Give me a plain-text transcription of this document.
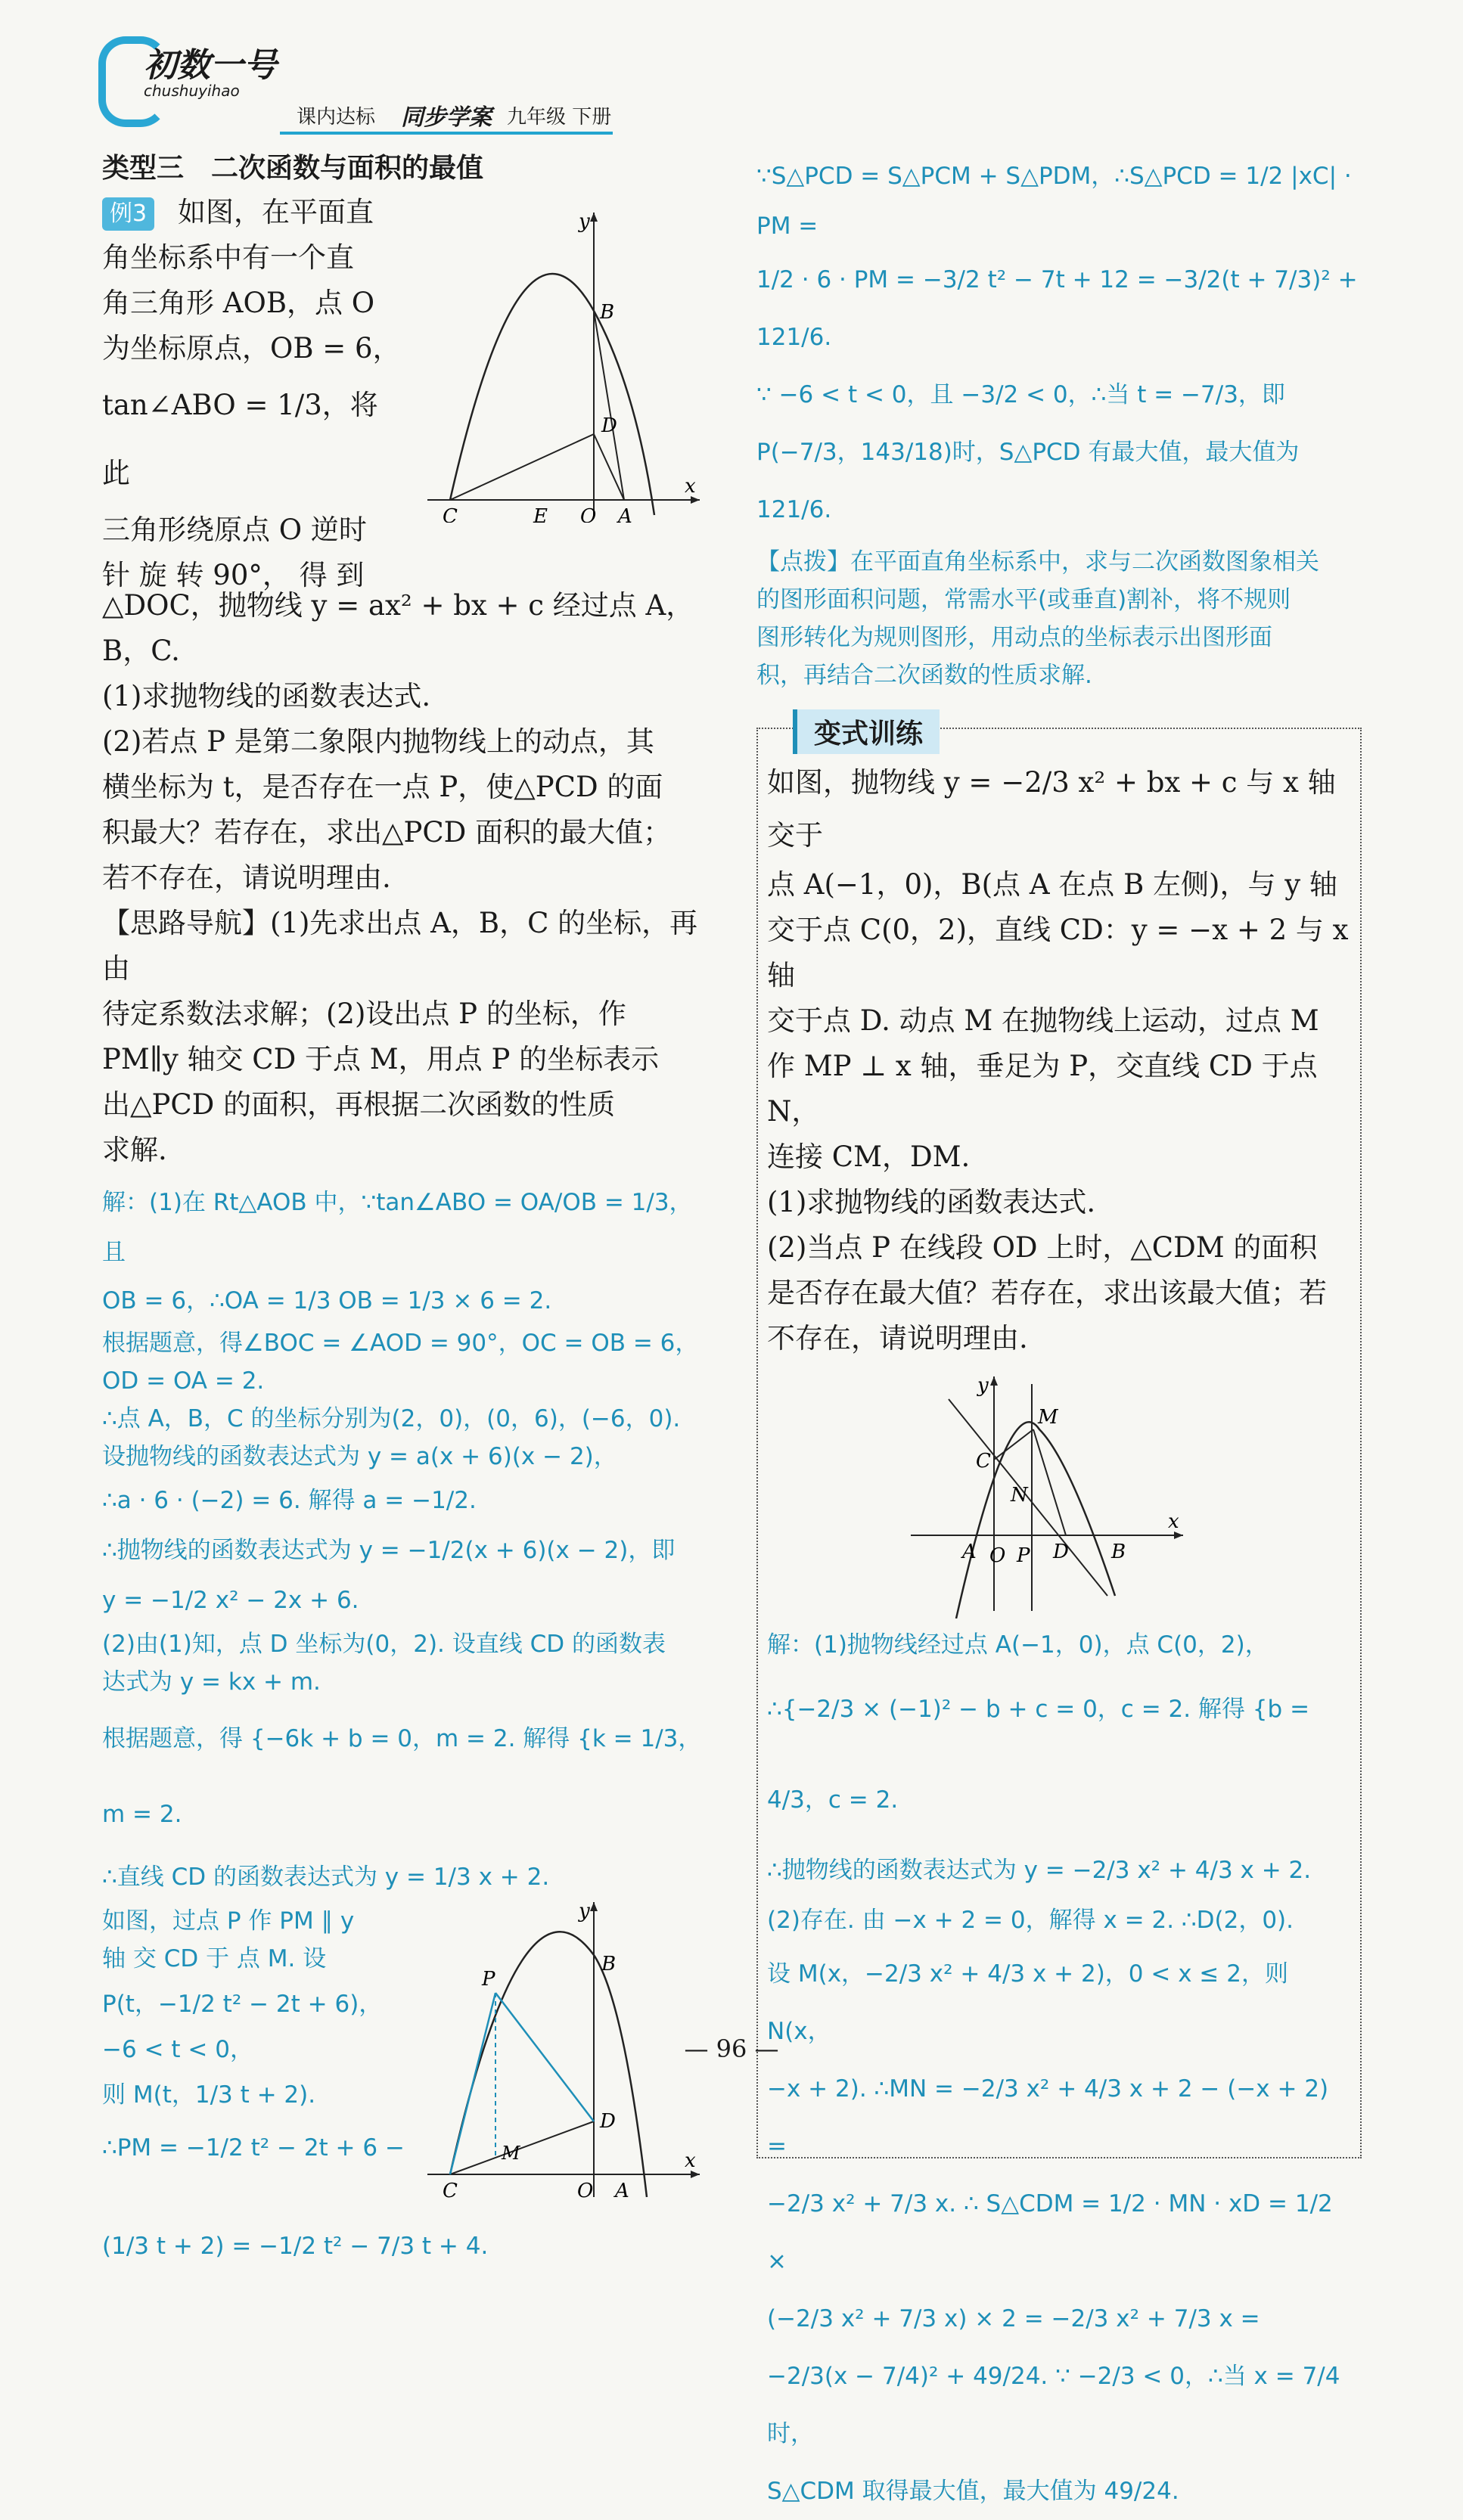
初数一号
chushuyihao
课内达标 同步学案 九年级 下册
类型三　二次函数与面积的最值
例3	如图，在平面直
角坐标系中有一个直
角三角形 AOB，点 O
为坐标原点，OB = 6，
tan∠ABO = 1/3，将此
三角形绕原点 O 逆时
针 旋 转 90°， 得 到
y
B
D
C	E O A
x
△DOC，抛物线 y = ax² + bx + c 经过点 A，
B，C.
(1)求抛物线的函数表达式.
(2)若点 P 是第二象限内抛物线上的动点，其
横坐标为 t，是否存在一点 P，使△PCD 的面
积最大？若存在，求出△PCD 面积的最大值；
若不存在，请说明理由.
【思路导航】(1)先求出点 A，B，C 的坐标，再由
待定系数法求解；(2)设出点 P 的坐标，作
PM∥y 轴交 CD 于点 M，用点 P 的坐标表示
出△PCD 的面积，再根据二次函数的性质
求解.
解：(1)在 Rt△AOB 中，∵tan∠ABO = OA/OB = 1/3，且
OB = 6，∴OA = 1/3 OB = 1/3 × 6 = 2.
根据题意，得∠BOC = ∠AOD = 90°，OC = OB = 6，
OD = OA = 2.
∴点 A，B，C 的坐标分别为(2，0)，(0，6)，(−6，0).
设抛物线的函数表达式为 y = a(x + 6)(x − 2)，
∴a · 6 · (−2) = 6. 解得 a = −1/2.
∴抛物线的函数表达式为 y = −1/2(x + 6)(x − 2)，即
y = −1/2 x² − 2x + 6.
(2)由(1)知，点 D 坐标为(0，2). 设直线 CD 的函数表
达式为 y = kx + m.
根据题意，得 {−6k + b = 0，m = 2. 解得 {k = 1/3，m = 2.
∴直线 CD 的函数表达式为 y = 1/3 x + 2.
如图，过点 P 作 PM ∥ y
轴 交 CD 于 点 M. 设
P(t，−1/2 t² − 2t + 6)，
−6 < t < 0，
则 M(t，1/3 t + 2).
∴PM = −1/2 t² − 2t + 6 −
y
P
B
D
M
C	O A
x
(1/3 t + 2) = −1/2 t² − 7/3 t + 4.
∵S△PCD = S△PCM + S△PDM，∴S△PCD = 1/2 |xC| · PM =
1/2 · 6 · PM = −3/2 t² − 7t + 12 = −3/2(t + 7/3)² + 121/6.
∵ −6 < t < 0，且 −3/2 < 0，∴当 t = −7/3，即
P(−7/3，143/18)时，S△PCD 有最大值，最大值为 121/6.
【点拨】在平面直角坐标系中，求与二次函数图象相关
的图形面积问题，常需水平(或垂直)割补，将不规则
图形转化为规则图形，用动点的坐标表示出图形面
积，再结合二次函数的性质求解.
变式训练
如图，抛物线 y = −2/3 x² + bx + c 与 x 轴交于
点 A(−1，0)，B(点 A 在点 B 左侧)，与 y 轴
交于点 C(0，2)，直线 CD：y = −x + 2 与 x 轴
交于点 D. 动点 M 在抛物线上运动，过点 M
作 MP ⊥ x 轴，垂足为 P，交直线 CD 于点 N，
连接 CM，DM.
(1)求抛物线的函数表达式.
(2)当点 P 在线段 OD 上时，△CDM 的面积
是否存在最大值？若存在，求出该最大值；若
不存在，请说明理由.
y
M
C
N
A O P D B
x
解：(1)抛物线经过点 A(−1，0)，点 C(0，2)，
∴{−2/3 × (−1)² − b + c = 0，c = 2. 解得 {b = 4/3，c = 2.
∴抛物线的函数表达式为 y = −2/3 x² + 4/3 x + 2.
(2)存在. 由 −x + 2 = 0，解得 x = 2. ∴D(2，0).
设 M(x，−2/3 x² + 4/3 x + 2)，0 < x ≤ 2，则 N(x，
−x + 2). ∴MN = −2/3 x² + 4/3 x + 2 − (−x + 2) =
−2/3 x² + 7/3 x. ∴ S△CDM = 1/2 · MN · xD = 1/2 ×
(−2/3 x² + 7/3 x) × 2 = −2/3 x² + 7/3 x =
−2/3(x − 7/4)² + 49/24. ∵ −2/3 < 0，∴当 x = 7/4 时，
S△CDM 取得最大值，最大值为 49/24.
— 96 —
